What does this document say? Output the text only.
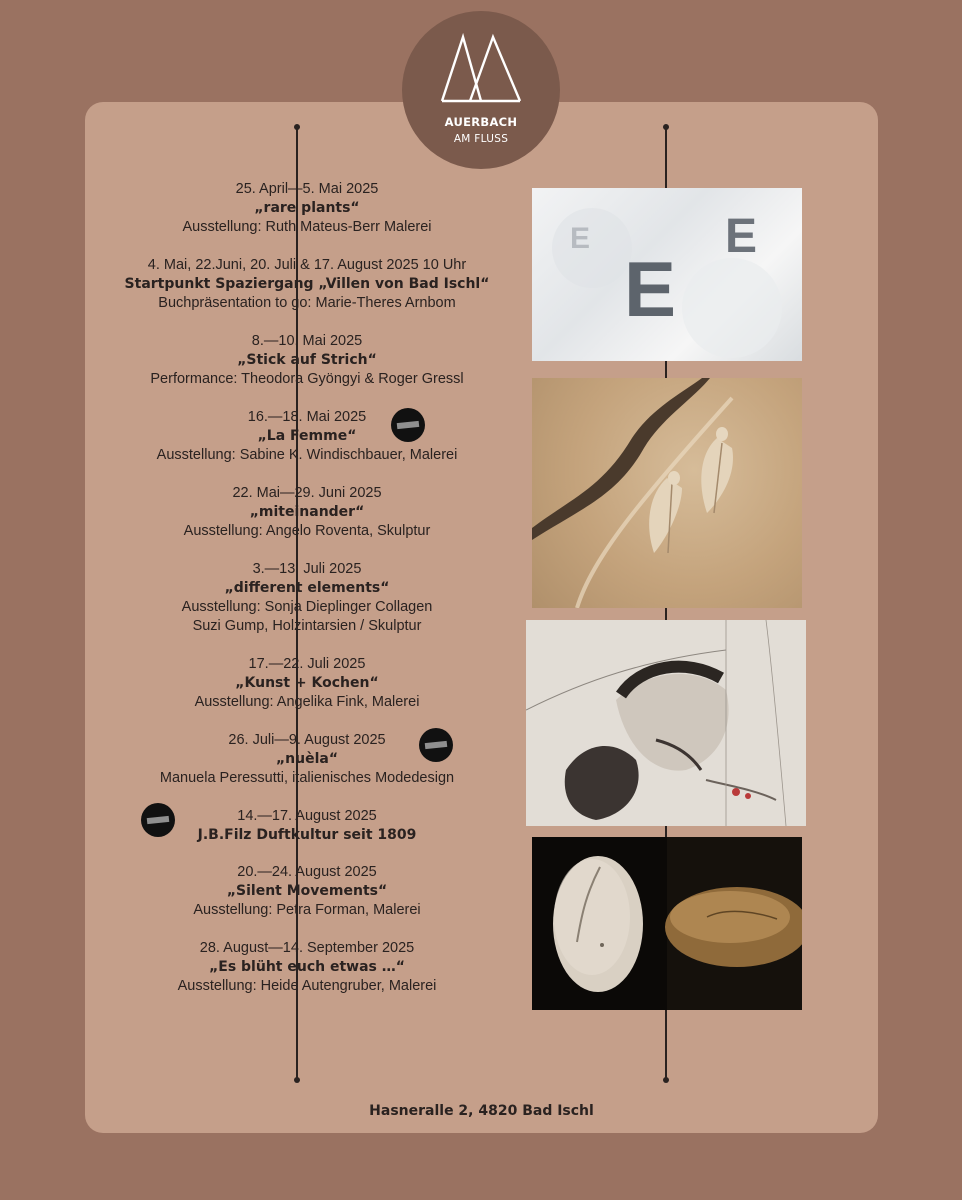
AUERBACH
AM FLUSS
25. April—5. Mai 2025
„rare plants“
Ausstellung: Ruth Mateus-Berr Malerei
4. Mai, 22.Juni, 20. Juli & 17. August 2025 10 Uhr
Startpunkt Spaziergang „Villen von Bad Ischl“
Buchpräsentation to go: Marie-Theres Arnbom
8.—10. Mai 2025
„Stick auf Strich“
Performance: Theodora Gyöngyi & Roger Gressl
16.—18. Mai 2025
„La Femme“
Ausstellung: Sabine K. Windischbauer, Malerei
22. Mai—29. Juni 2025
„miteinander“
Ausstellung: Angelo Roventa, Skulptur
3.—13. Juli 2025
„different elements“
Ausstellung: Sonja Dieplinger Collagen
Suzi Gump, Holzintarsien / Skulptur
17.—22. Juli 2025
„Kunst + Kochen“
Ausstellung: Angelika Fink, Malerei
26. Juli—9. August 2025
„nuèla“
Manuela Peressutti, italienisches Modedesign
14.—17. August 2025
J.B.Filz Duftkultur seit 1809
20.—24. August 2025
„Silent Movements“
Ausstellung: Petra Forman, Malerei
28. August—14. September 2025
„Es blüht euch etwas …“
Ausstellung: Heide Autengruber, Malerei
E
E
E
Hasneralle 2, 4820 Bad Ischl
